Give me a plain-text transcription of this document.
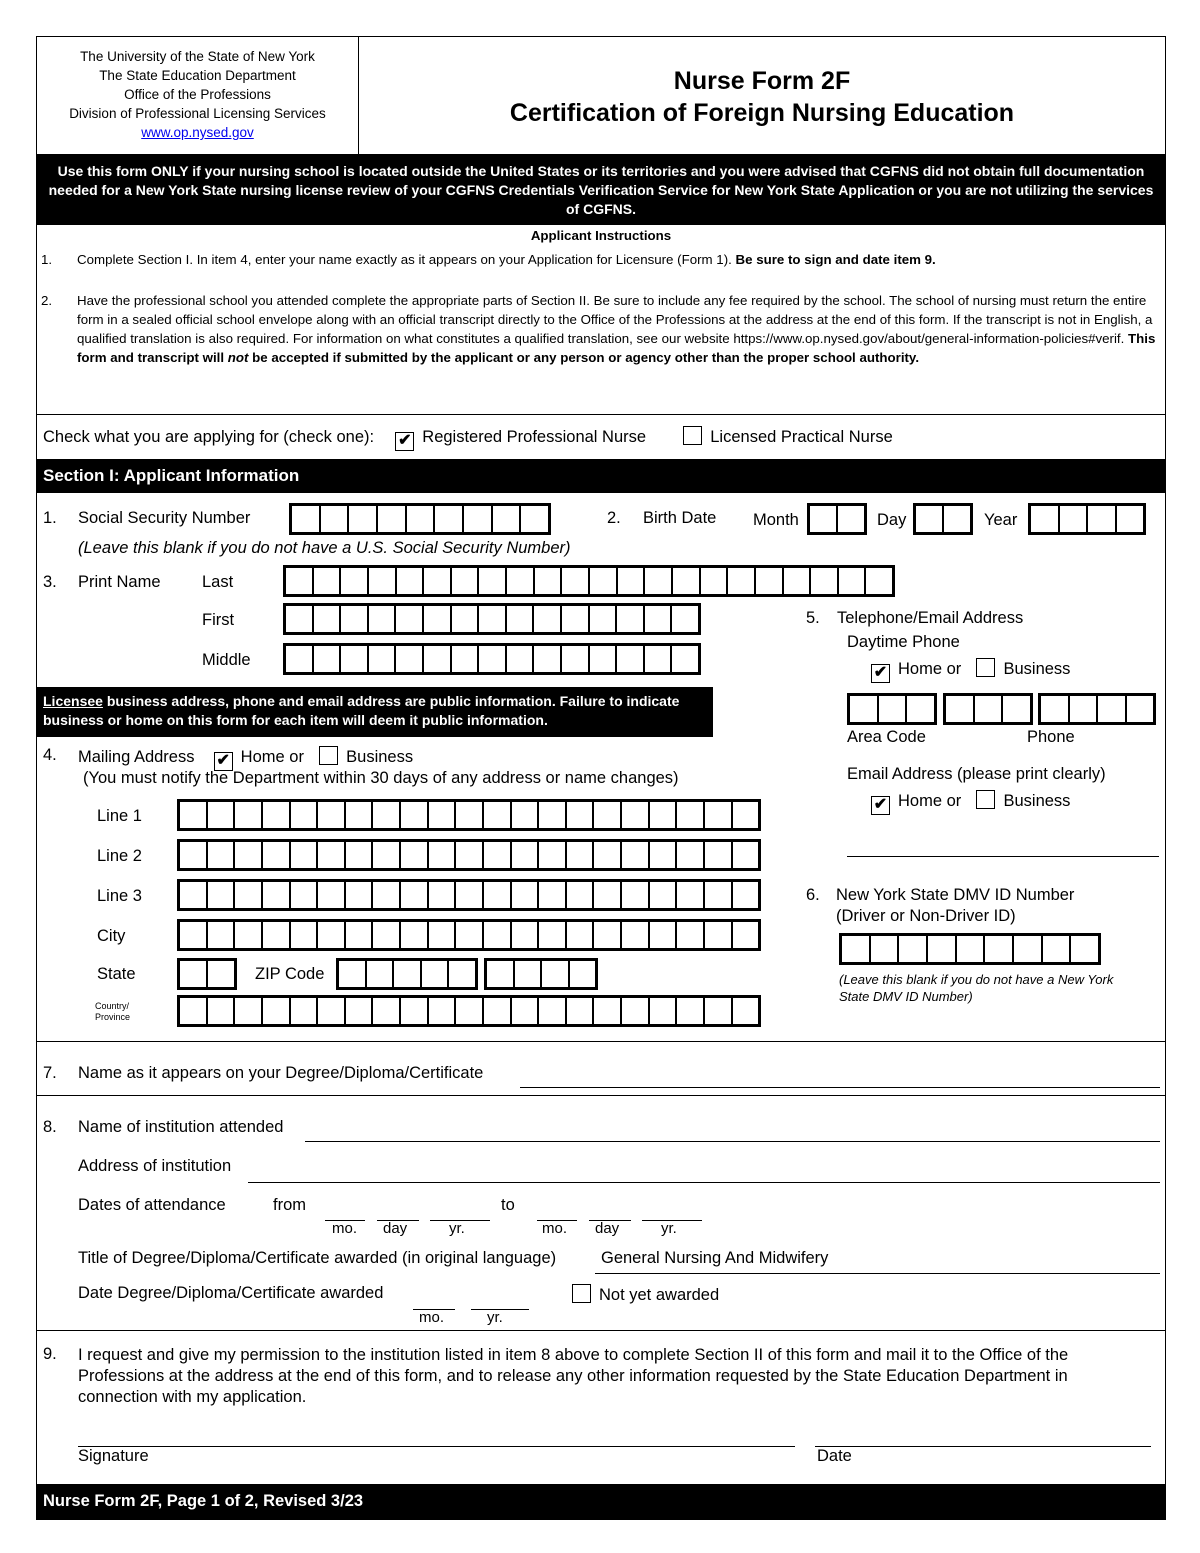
The University of the State of New York
The State Education Department
Office of the Professions
Division of Professional Licensing Services
www.op.nysed.gov
Nurse Form 2F
Certification of Foreign Nursing Education
Use this form ONLY if your nursing school is located outside the United States or its territories and you were advised that CGFNS did not obtain full documentation needed for a New York State nursing license review of your CGFNS Credentials Verification Service for New York State Application or you are not utilizing the services of CGFNS.
Applicant Instructions
1. Complete Section I. In item 4, enter your name exactly as it appears on your Application for Licensure (Form 1). Be sure to sign and date item 9.
2. Have the professional school you attended complete the appropriate parts of Section II. Be sure to include any fee required by the school. The school of nursing must return the entire form in a sealed official school envelope along with an official transcript directly to the Office of the Professions at the address at the end of this form. If the transcript is not in English, a qualified translation is also required. For information on what constitutes a qualified translation, see our website https://www.op.nysed.gov/about/general-information-policies#verif. This form and transcript will not be accepted if submitted by the applicant or any person or agency other than the proper school authority.
Check what you are applying for (check one): ✔ Registered Professional Nurse	Licensed Practical Nurse
Section I: Applicant Information
1. Social Security Number
(Leave this blank if you do not have a U.S. Social Security Number)
2. Birth Date Month	Day	Year
3. Print Name	Last
First
Middle
5. Telephone/Email Address
Daytime Phone
✔ Home or	Business
Area Code	Phone
Email Address (please print clearly)
✔ Home or	Business
Licensee business address, phone and email address are public information. Failure to indicate business or home on this form for each item will deem it public information.
4. Mailing Address ✔ Home or	Business
(You must notify the Department within 30 days of any address or name changes)
Line 1
Line 2
Line 3
City
State	ZIP Code
Country/
Province
6. New York State DMV ID Number
(Driver or Non-Driver ID)
(Leave this blank if you do not have a New York State DMV ID Number)
7. Name as it appears on your Degree/Diploma/Certificate
8. Name of institution attended
Address of institution
Dates of attendance	from
mo. day	yr.
to
mo. day	yr.
Title of Degree/Diploma/Certificate awarded (in original language)	General Nursing And Midwifery
Date Degree/Diploma/Certificate awarded
mo.	yr.
Not yet awarded
9. I request and give my permission to the institution listed in item 8 above to complete Section II of this form and mail it to the Office of the Professions at the address at the end of this form, and to release any other information requested by the State Education Department in connection with my application.
Signature	Date
Nurse Form 2F, Page 1 of 2, Revised 3/23
